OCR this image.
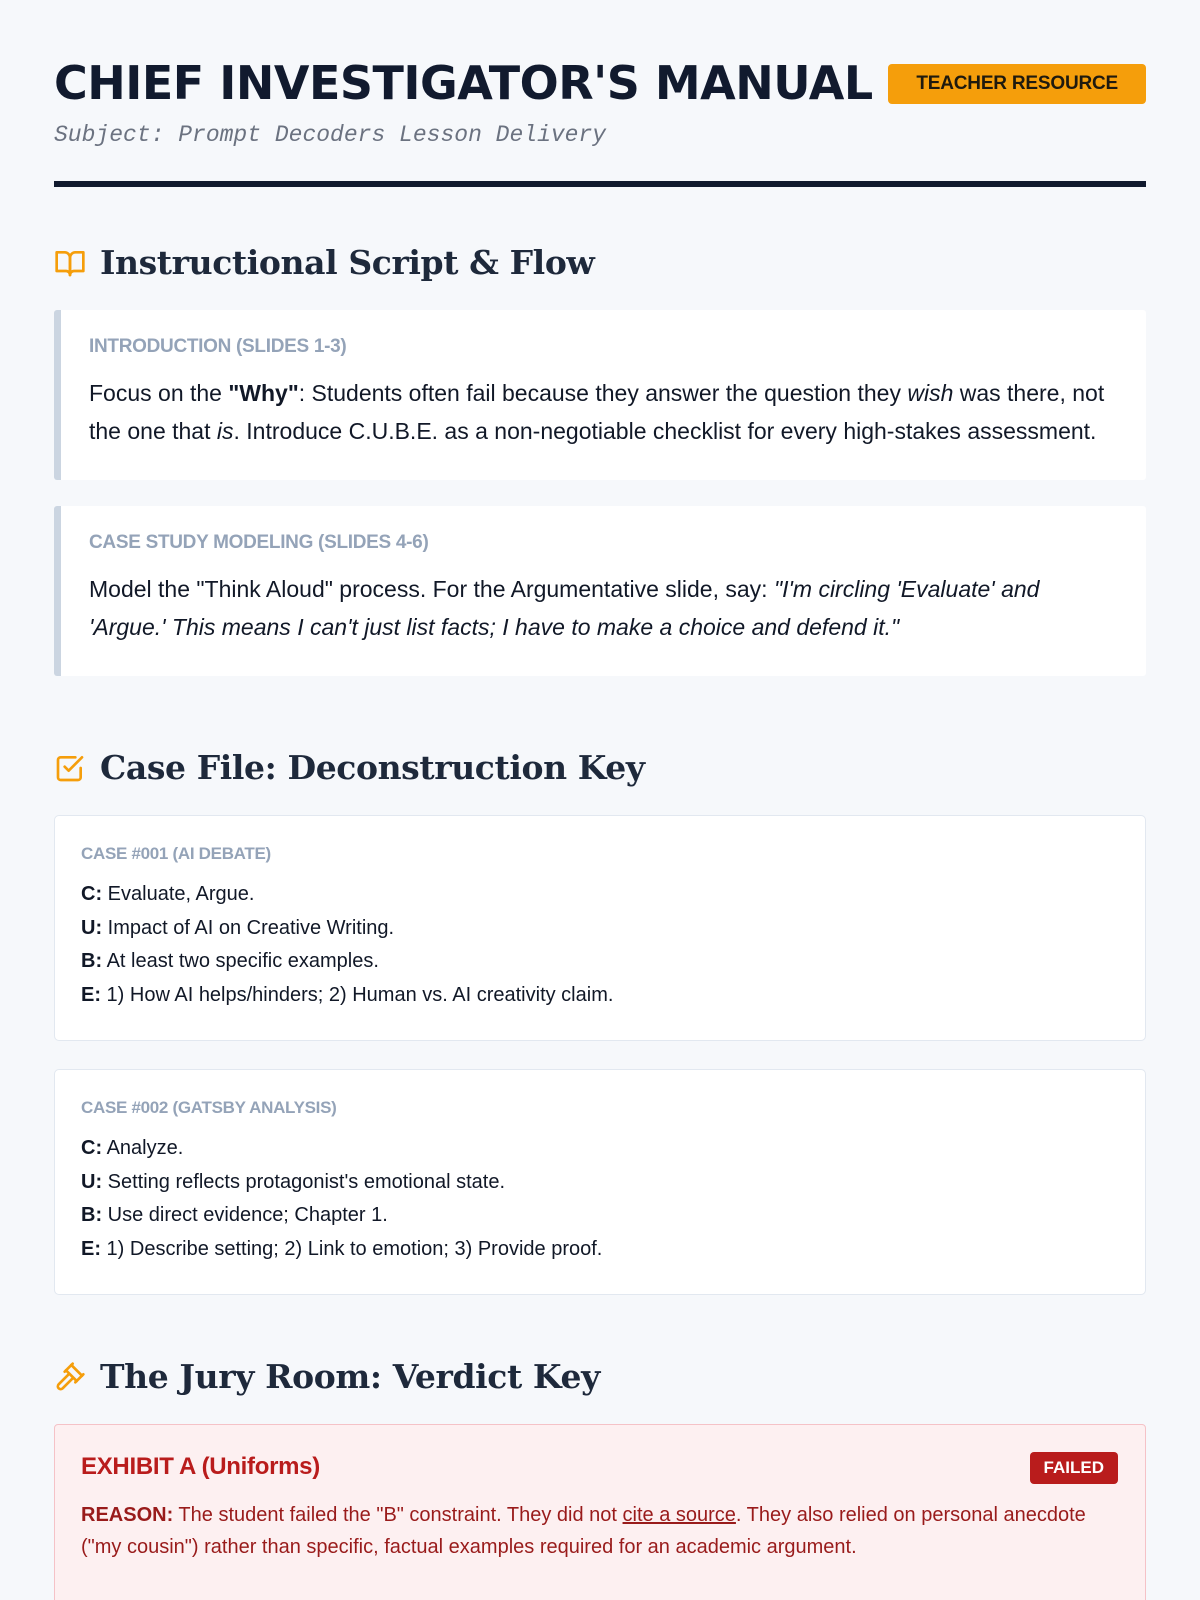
CHIEF INVESTIGATOR'S MANUAL	TEACHER RESOURCE
Subject: Prompt Decoders Lesson Delivery
Instructional Script & Flow
INTRODUCTION (SLIDES 1-3)

Focus on the "Why": Students often fail because they answer the question they wish was there, not the one that is. Introduce C.U.B.E. as a non-negotiable checklist for every high-stakes assessment.

CASE STUDY MODELING (SLIDES 4-6)

Model the "Think Aloud" process. For the Argumentative slide, say: "I'm circling 'Evaluate' and 'Argue.' This means I can't just list facts; I have to make a choice and defend it."

Case File: Deconstruction Key
CASE #001 (AI DEBATE)
C: Evaluate, Argue.
U: Impact of AI on Creative Writing.
B: At least two specific examples.
E: 1) How AI helps/hinders; 2) Human vs. AI creativity claim.
CASE #002 (GATSBY ANALYSIS)
C: Analyze.
U: Setting reflects protagonist's emotional state.
B: Use direct evidence; Chapter 1.
E: 1) Describe setting; 2) Link to emotion; 3) Provide proof.
The Jury Room: Verdict Key
EXHIBIT A (Uniforms)	FAILED

REASON: The student failed the "B" constraint. They did not cite a source. They also relied on personal anecdote ("my cousin") rather than specific, factual examples required for an academic argument.
